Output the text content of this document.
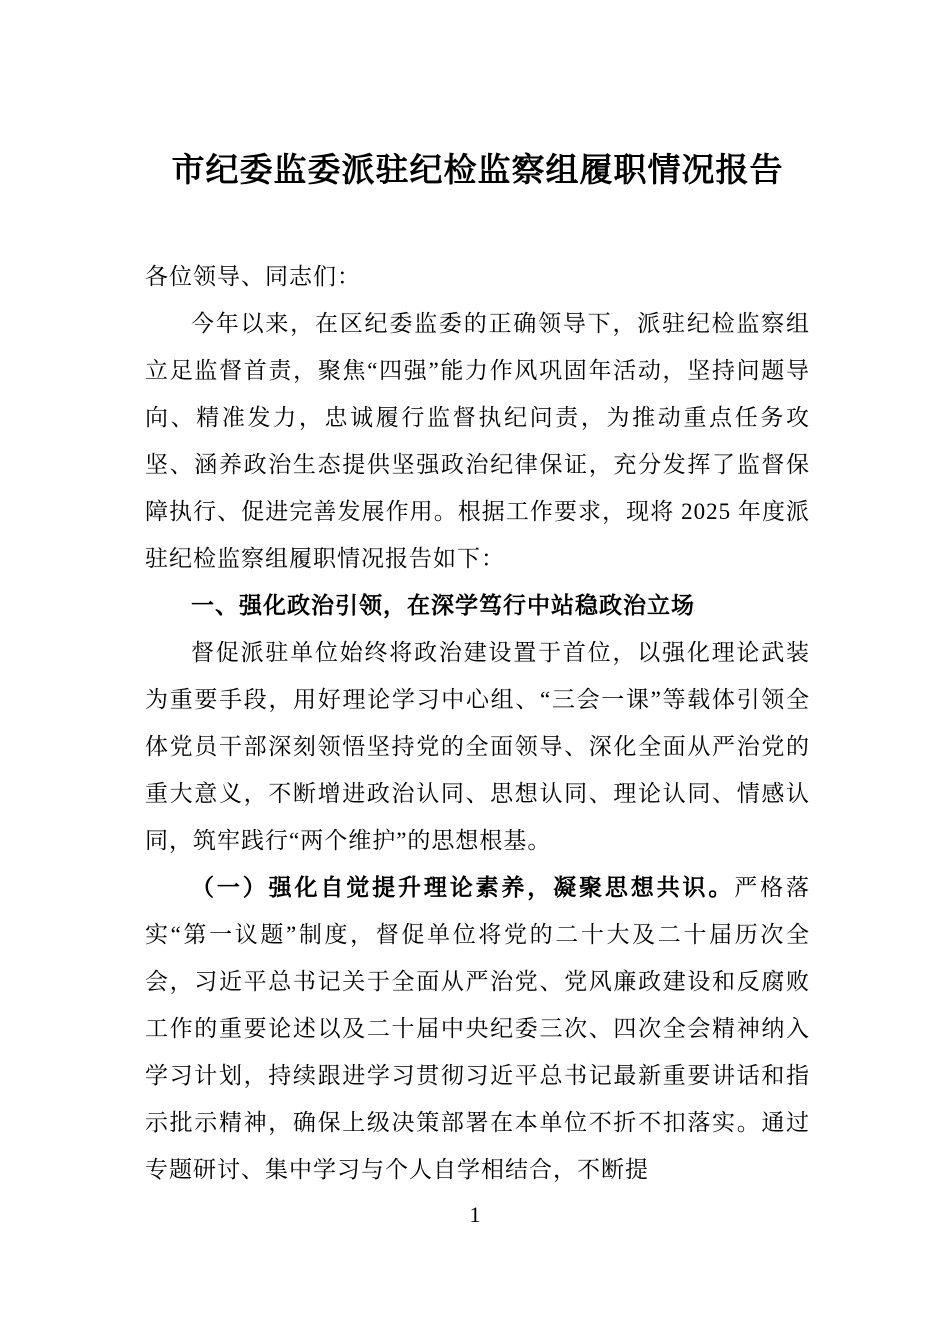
市纪委监委派驻纪检监察组履职情况报告

各位领导、同志们：

今年以来，在区纪委监委的正确领导下，派驻纪检监察组立足监督首责，聚焦“四强”能力作风巩固年活动，坚持问题导向、精准发力，忠诚履行监督执纪问责，为推动重点任务攻坚、涵养政治生态提供坚强政治纪律保证，充分发挥了监督保障执行、促进完善发展作用。根据工作要求，现将 2025 年度派驻纪检监察组履职情况报告如下：

一、强化政治引领，在深学笃行中站稳政治立场

督促派驻单位始终将政治建设置于首位，以强化理论武装为重要手段，用好理论学习中心组、“三会一课”等载体引领全体党员干部深刻领悟坚持党的全面领导、深化全面从严治党的重大意义，不断增进政治认同、思想认同、理论认同、情感认同，筑牢践行“两个维护”的思想根基。

（一）强化自觉提升理论素养，凝聚思想共识。严格落实“第一议题”制度，督促单位将党的二十大及二十届历次全会，习近平总书记关于全面从严治党、党风廉政建设和反腐败工作的重要论述以及二十届中央纪委三次、四次全会精神纳入学习计划，持续跟进学习贯彻习近平总书记最新重要讲话和指示批示精神，确保上级决策部署在本单位不折不扣落实。通过专题研讨、集中学习与个人自学相结合，不断提

1
